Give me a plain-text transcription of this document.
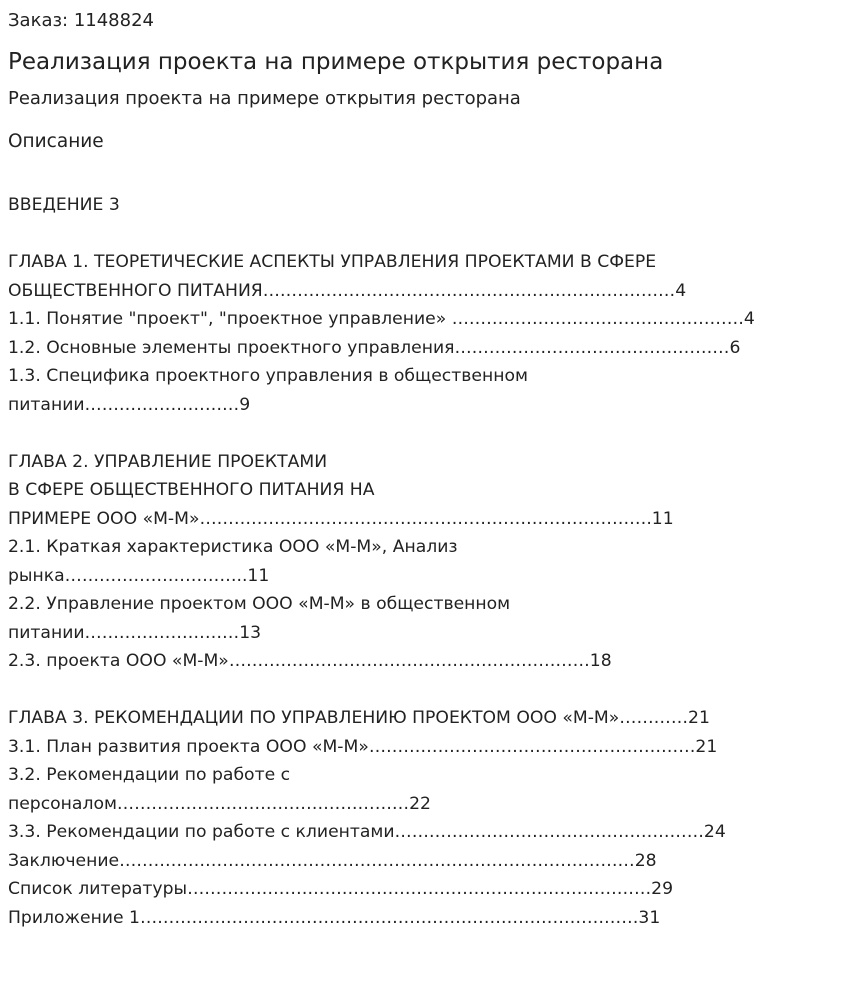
Заказ: 1148824
Реализация проекта на примере открытия ресторана
Реализация проекта на примере открытия ресторана
Описание
ВВЕДЕНИЕ 3
ГЛАВА 1. ТЕОРЕТИЧЕСКИЕ АСПЕКТЫ УПРАВЛЕНИЯ ПРОЕКТАМИ В СФЕРЕ
ОБЩЕСТВЕННОГО ПИТАНИЯ………………………………………………………………4
1.1. Понятие "проект", "проектное управление» ……………………………………………4
1.2. Основные элементы проектного управления…………………………………………6
1.3. Специфика проектного управления в общественном
питании………………………9
ГЛАВА 2. УПРАВЛЕНИЕ ПРОЕКТАМИ
В СФЕРЕ ОБЩЕСТВЕННОГО ПИТАНИЯ НА
ПРИМЕРЕ ООО «М-М»…………………………………………………………………….11
2.1. Краткая характеристика ООО «М-М», Анализ
рынка…………………………..11
2.2. Управление проектом ООО «М-М» в общественном
питании………………………13
2.3. проекта ООО «М-М»………………………………………………………18
ГЛАВА 3. РЕКОМЕНДАЦИИ ПО УПРАВЛЕНИЮ ПРОЕКТОМ ООО «М-М»…………21
3.1. План развития проекта ООО «М-М»…………………………………………………21
3.2. Рекомендации по работе с
персоналом……………………………………………22
3.3. Рекомендации по работе с клиентами………………………………………………24
Заключение………………………………………………………………………………28
Список литературы………………………………………………………………………29
Приложение 1……………………………………………………………………………31
